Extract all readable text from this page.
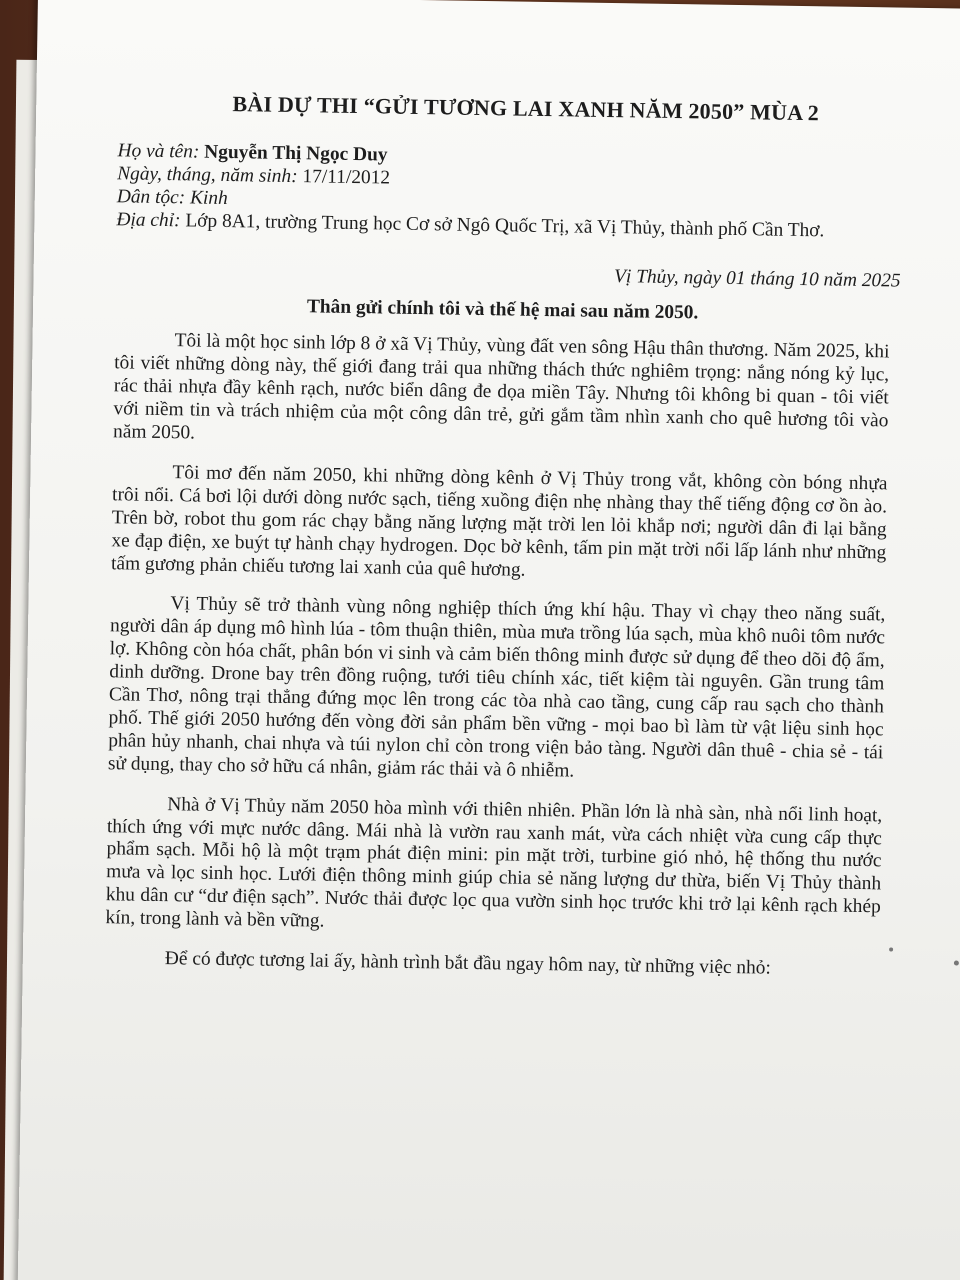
BÀI DỰ THI “GỬI TƯƠNG LAI XANH NĂM 2050” MÙA 2

Họ và tên: Nguyễn Thị Ngọc Duy

Ngày, tháng, năm sinh: 17/11/2012

Dân tộc: Kinh

Địa chỉ: Lớp 8A1, trường Trung học Cơ sở Ngô Quốc Trị, xã Vị Thủy, thành phố Cần Thơ.

Vị Thủy, ngày 01 tháng 10 năm 2025
Thân gửi chính tôi và thế hệ mai sau năm 2050.

Tôi là một học sinh lớp 8 ở xã Vị Thủy, vùng đất ven sông Hậu thân thương. Năm 2025, khi tôi viết những dòng này, thế giới đang trải qua những thách thức nghiêm trọng: nắng nóng kỷ lục, rác thải nhựa đầy kênh rạch, nước biển dâng đe dọa miền Tây. Nhưng tôi không bi quan - tôi viết với niềm tin và trách nhiệm của một công dân trẻ, gửi gắm tầm nhìn xanh cho quê hương tôi vào năm 2050.

Tôi mơ đến năm 2050, khi những dòng kênh ở Vị Thủy trong vắt, không còn bóng nhựa trôi nổi. Cá bơi lội dưới dòng nước sạch, tiếng xuồng điện nhẹ nhàng thay thế tiếng động cơ ồn ào. Trên bờ, robot thu gom rác chạy bằng năng lượng mặt trời len lỏi khắp nơi; người dân đi lại bằng xe đạp điện, xe buýt tự hành chạy hydrogen. Dọc bờ kênh, tấm pin mặt trời nổi lấp lánh như những tấm gương phản chiếu tương lai xanh của quê hương.

Vị Thủy sẽ trở thành vùng nông nghiệp thích ứng khí hậu. Thay vì chạy theo năng suất, người dân áp dụng mô hình lúa - tôm thuận thiên, mùa mưa trồng lúa sạch, mùa khô nuôi tôm nước lợ. Không còn hóa chất, phân bón vi sinh và cảm biến thông minh được sử dụng để theo dõi độ ẩm, dinh dưỡng. Drone bay trên đồng ruộng, tưới tiêu chính xác, tiết kiệm tài nguyên. Gần trung tâm Cần Thơ, nông trại thẳng đứng mọc lên trong các tòa nhà cao tầng, cung cấp rau sạch cho thành phố. Thế giới 2050 hướng đến vòng đời sản phẩm bền vững - mọi bao bì làm từ vật liệu sinh học phân hủy nhanh, chai nhựa và túi nylon chỉ còn trong viện bảo tàng. Người dân thuê - chia sẻ - tái sử dụng, thay cho sở hữu cá nhân, giảm rác thải và ô nhiễm.

Nhà ở Vị Thủy năm 2050 hòa mình với thiên nhiên. Phần lớn là nhà sàn, nhà nổi linh hoạt, thích ứng với mực nước dâng. Mái nhà là vườn rau xanh mát, vừa cách nhiệt vừa cung cấp thực phẩm sạch. Mỗi hộ là một trạm phát điện mini: pin mặt trời, turbine gió nhỏ, hệ thống thu nước mưa và lọc sinh học. Lưới điện thông minh giúp chia sẻ năng lượng dư thừa, biến Vị Thủy thành khu dân cư “dư điện sạch”. Nước thải được lọc qua vườn sinh học trước khi trở lại kênh rạch khép kín, trong lành và bền vững.

Để có được tương lai ấy, hành trình bắt đầu ngay hôm nay, từ những việc nhỏ:
